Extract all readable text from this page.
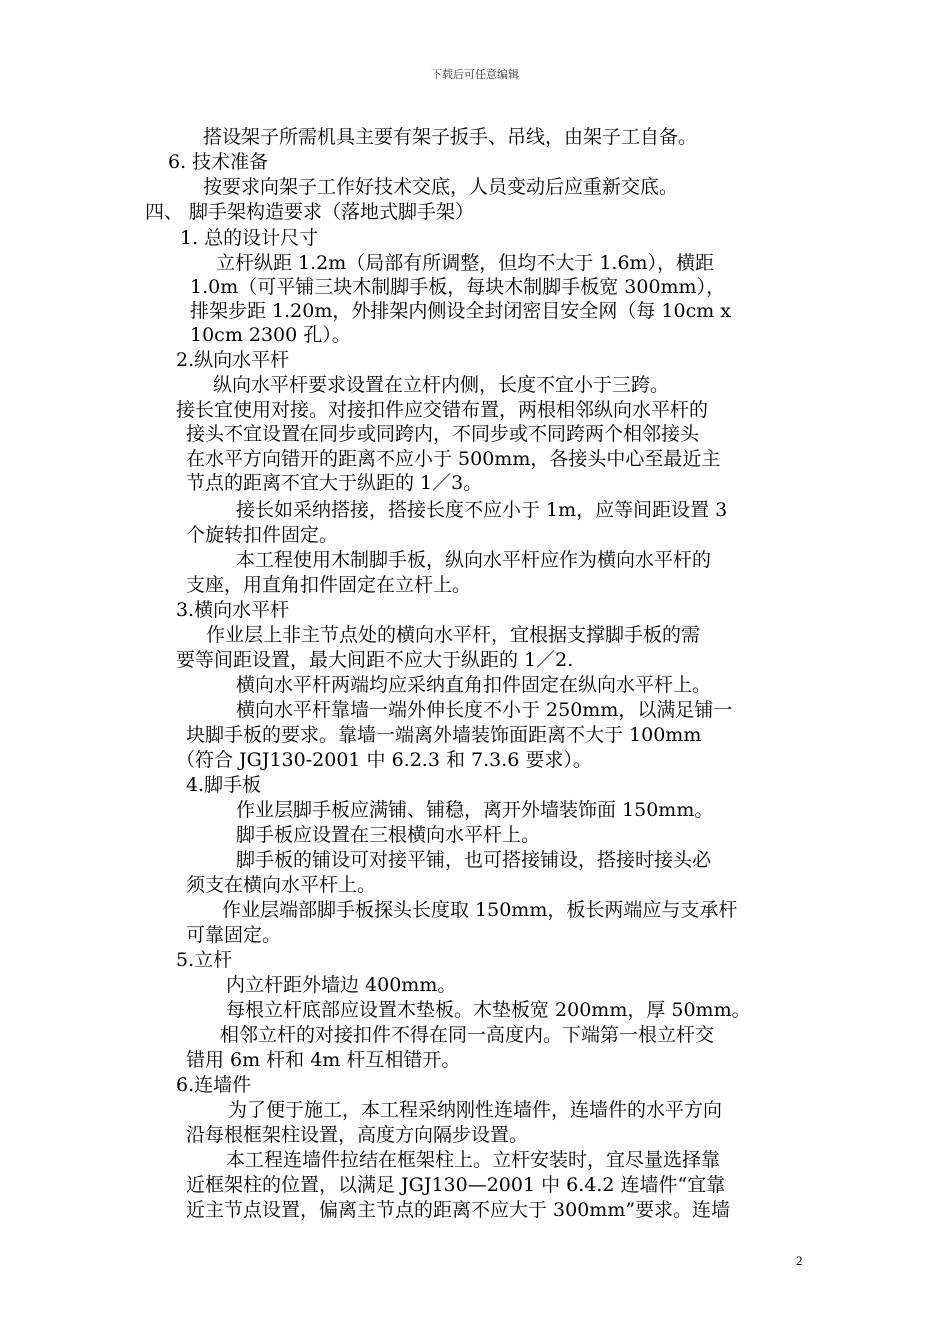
下载后可任意编辑
搭设架子所需机具主要有架子扳手、吊线，由架子工自备。
6. 技术准备
按要求向架子工作好技术交底，人员变动后应重新交底。
四、 脚手架构造要求（落地式脚手架）
1. 总的设计尺寸
立杆纵距 1.2m（局部有所调整，但均不大于 1.6m），横距
1.0m（可平铺三块木制脚手板，每块木制脚手板宽 300mm），
排架步距 1.20m，外排架内侧设全封闭密目安全网（每 10cm x
10cm 2300 孔）。
2.纵向水平杆
纵向水平杆要求设置在立杆内侧，长度不宜小于三跨。
接长宜使用对接。对接扣件应交错布置，两根相邻纵向水平杆的
接头不宜设置在同步或同跨内，不同步或不同跨两个相邻接头
在水平方向错开的距离不应小于 500mm，各接头中心至最近主
节点的距离不宜大于纵距的 1／3。
接长如采纳搭接，搭接长度不应小于 1m，应等间距设置 3
个旋转扣件固定。
本工程使用木制脚手板，纵向水平杆应作为横向水平杆的
支座，用直角扣件固定在立杆上。
3.横向水平杆
作业层上非主节点处的横向水平杆，宜根据支撑脚手板的需
要等间距设置，最大间距不应大于纵距的 1／2.
横向水平杆两端均应采纳直角扣件固定在纵向水平杆上。
横向水平杆靠墙一端外伸长度不小于 250mm，以满足铺一
块脚手板的要求。靠墙一端离外墙装饰面距离不大于 100mm
（符合 JGJ130-2001 中 6.2.3 和 7.3.6 要求）。
4.脚手板
作业层脚手板应满铺、铺稳，离开外墙装饰面 150mm。
脚手板应设置在三根横向水平杆上。
脚手板的铺设可对接平铺，也可搭接铺设，搭接时接头必
须支在横向水平杆上。
作业层端部脚手板探头长度取 150mm，板长两端应与支承杆
可靠固定。
5.立杆
内立杆距外墙边 400mm。
每根立杆底部应设置木垫板。木垫板宽 200mm，厚 50mm。
相邻立杆的对接扣件不得在同一高度内。下端第一根立杆交
错用 6m 杆和 4m 杆互相错开。
6.连墙件
为了便于施工，本工程采纳刚性连墙件，连墙件的水平方向
沿每根框架柱设置，高度方向隔步设置。
本工程连墙件拉结在框架柱上。立杆安装时，宜尽量选择靠
近框架柱的位置，以满足 JGJ130—2001 中 6.4.2 连墙件“宜靠
近主节点设置，偏离主节点的距离不应大于 300mm”要求。连墙
2
